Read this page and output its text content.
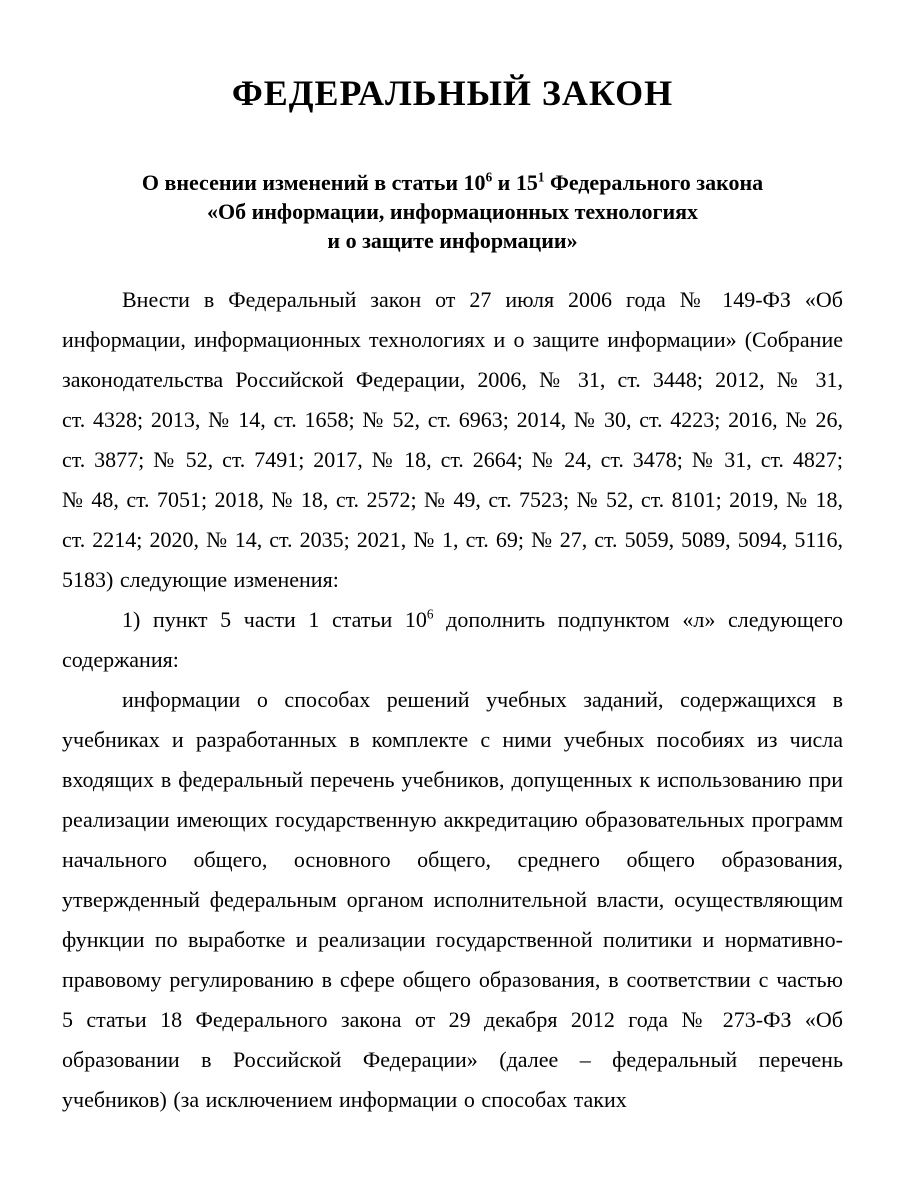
ФЕДЕРАЛЬНЫЙ ЗАКОН
О внесении изменений в статьи $10^6$ и $15^1$ Федерального закона
«Об информации, информационных технологиях
и о защите информации»

Внести в Федеральный закон от 27 июля 2006 года № 149-ФЗ «Об информации, информационных технологиях и о защите информации» (Собрание законодательства Российской Федерации, 2006, № 31, ст. 3448; 2012, № 31, ст. 4328; 2013, № 14, ст. 1658; № 52, ст. 6963; 2014, № 30, ст. 4223; 2016, № 26, ст. 3877; № 52, ст. 7491; 2017, № 18, ст. 2664; № 24, ст. 3478; № 31, ст. 4827; № 48, ст. 7051; 2018, № 18, ст. 2572; № 49, ст. 7523; № 52, ст. 8101; 2019, № 18, ст. 2214; 2020, № 14, ст. 2035; 2021, № 1, ст. 69; № 27, ст. 5059, 5089, 5094, 5116, 5183) следующие изменения:

1) пункт 5 части 1 статьи $10^6$ дополнить подпунктом «л» следующего содержания:

информации о способах решений учебных заданий, содержащихся в учебниках и разработанных в комплекте с ними учебных пособиях из числа входящих в федеральный перечень учебников, допущенных к использованию при реализации имеющих государственную аккредитацию образовательных программ начального общего, основного общего, среднего общего образования, утвержденный федеральным органом исполнительной власти, осуществляющим функции по выработке и реализации государственной политики и нормативно-правовому регулированию в сфере общего образования, в соответствии с частью 5 статьи 18 Федерального закона от 29 декабря 2012 года № 273-ФЗ «Об образовании в Российской Федерации» (далее – федеральный перечень учебников) (за исключением информации о способах таких
